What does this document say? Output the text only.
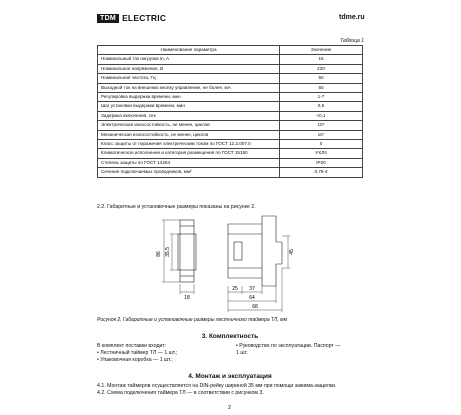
TDM ELECTRIC	tdme.ru
Таблица 1
Наименование параметра	Значение
Номинальный ток нагрузки In, A	16
Номинальное напряжение, В	220
Номинальная частота, Гц	50
Выходной ток на внешнюю кнопку управление, не более, мА	50
Регулировка выдержки времени, мин	1-7
Шаг установки выдержки времени, мин	0,5
Задержка включения, сек	<0,1
Электрическая износостойкость, не менее, циклов	10⁵
Механическая износостойкость, не менее, циклов	10⁷
Класс защиты от поражения электрическим током по ГОСТ 12.2.007.0	0
Климатическое исполнение и категория размещения по ГОСТ 15150	УХЛ4
Степень защиты по ГОСТ 14254	IP20
Сечение подключаемых проводников, мм²	0,75-4
2.2. Габаритные и установочные размеры показаны на рисунке 2.
86 35,5
18
45
25 37
64
68
Рисунок 2. Габаритные и установочные размеры лестничного таймера ТЛ, мм
3. Комплектность
В комплект поставки входит:
• Лестничный таймер ТЛ — 1 шт.;
• Упаковочная коробка — 1 шт.;
• Руководство по эксплуатации. Паспорт —
1 шт.
4. Монтаж и эксплуатация
4.1. Монтаж таймеров осуществляется на DIN-рейку шириной 35 мм при помощи зажима-защелки.
4.2. Схема подключения таймера ТЛ — в соответствии с рисунком 3.
2
